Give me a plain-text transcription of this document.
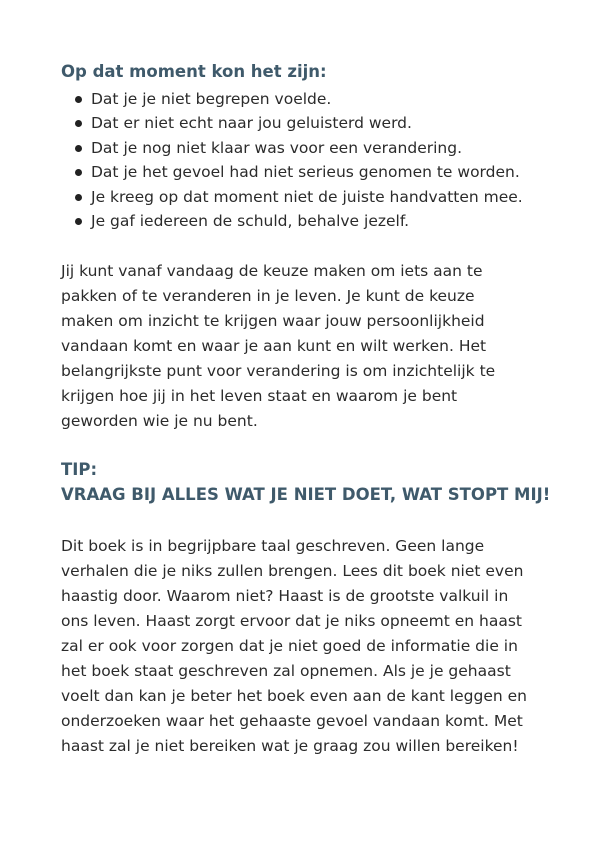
Op dat moment kon het zijn:
Dat je je niet begrepen voelde.
Dat er niet echt naar jou geluisterd werd.
Dat je nog niet klaar was voor een verandering.
Dat je het gevoel had niet serieus genomen te worden.
Je kreeg op dat moment niet de juiste handvatten mee.
Je gaf iedereen de schuld, behalve jezelf.
Jij kunt vanaf vandaag de keuze maken om iets aan te
pakken of te veranderen in je leven. Je kunt de keuze
maken om inzicht te krijgen waar jouw persoonlijkheid
vandaan komt en waar je aan kunt en wilt werken. Het
belangrijkste punt voor verandering is om inzichtelijk te
krijgen hoe jij in het leven staat en waarom je bent
geworden wie je nu bent.
TIP:
VRAAG BIJ ALLES WAT JE NIET DOET, WAT STOPT MIJ!
Dit boek is in begrijpbare taal geschreven. Geen lange
verhalen die je niks zullen brengen. Lees dit boek niet even
haastig door. Waarom niet? Haast is de grootste valkuil in
ons leven. Haast zorgt ervoor dat je niks opneemt en haast
zal er ook voor zorgen dat je niet goed de informatie die in
het boek staat geschreven zal opnemen. Als je je gehaast
voelt dan kan je beter het boek even aan de kant leggen en
onderzoeken waar het gehaaste gevoel vandaan komt. Met
haast zal je niet bereiken wat je graag zou willen bereiken!
